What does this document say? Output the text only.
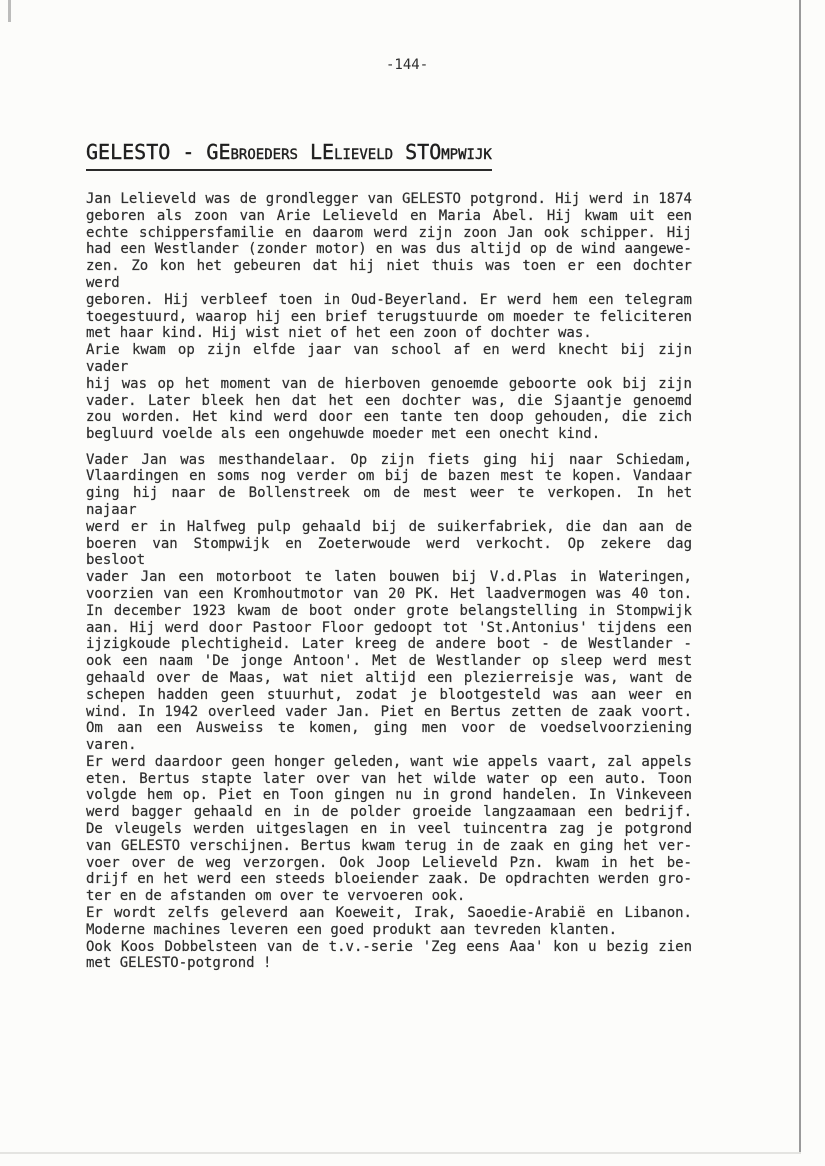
-144-
GELESTO - GEBROEDERS LELIEVELD STOMPWIJK
Jan Lelieveld was de grondlegger van GELESTO potgrond. Hij werd in 1874
geboren als zoon van Arie Lelieveld en Maria Abel. Hij kwam uit een
echte schippersfamilie en daarom werd zijn zoon Jan ook schipper. Hij
had een Westlander (zonder motor) en was dus altijd op de wind aangewe-
zen. Zo kon het gebeuren dat hij niet thuis was toen er een dochter werd
geboren. Hij verbleef toen in Oud-Beyerland. Er werd hem een telegram
toegestuurd, waarop hij een brief terugstuurde om moeder te feliciteren
met haar kind. Hij wist niet of het een zoon of dochter was.
Arie kwam op zijn elfde jaar van school af en werd knecht bij zijn vader
hij was op het moment van de hierboven genoemde geboorte ook bij zijn
vader. Later bleek hen dat het een dochter was, die Sjaantje genoemd
zou worden. Het kind werd door een tante ten doop gehouden, die zich
begluurd voelde als een ongehuwde moeder met een onecht kind.
Vader Jan was mesthandelaar. Op zijn fiets ging hij naar Schiedam,
Vlaardingen en soms nog verder om bij de bazen mest te kopen. Vandaar
ging hij naar de Bollenstreek om de mest weer te verkopen. In het najaar
werd er in Halfweg pulp gehaald bij de suikerfabriek, die dan aan de
boeren van Stompwijk en Zoeterwoude werd verkocht. Op zekere dag besloot
vader Jan een motorboot te laten bouwen bij V.d.Plas in Wateringen,
voorzien van een Kromhoutmotor van 20 PK. Het laadvermogen was 40 ton.
In december 1923 kwam de boot onder grote belangstelling in Stompwijk
aan. Hij werd door Pastoor Floor gedoopt tot 'St.Antonius' tijdens een
ijzigkoude plechtigheid. Later kreeg de andere boot - de Westlander -
ook een naam 'De jonge Antoon'. Met de Westlander op sleep werd mest
gehaald over de Maas, wat niet altijd een plezierreisje was, want de
schepen hadden geen stuurhut, zodat je blootgesteld was aan weer en
wind. In 1942 overleed vader Jan. Piet en Bertus zetten de zaak voort.
Om aan een Ausweiss te komen, ging men voor de voedselvoorziening varen.
Er werd daardoor geen honger geleden, want wie appels vaart, zal appels
eten. Bertus stapte later over van het wilde water op een auto. Toon
volgde hem op. Piet en Toon gingen nu in grond handelen. In Vinkeveen
werd bagger gehaald en in de polder groeide langzaamaan een bedrijf.
De vleugels werden uitgeslagen en in veel tuincentra zag je potgrond
van GELESTO verschijnen. Bertus kwam terug in de zaak en ging het ver-
voer over de weg verzorgen. Ook Joop Lelieveld Pzn. kwam in het be-
drijf en het werd een steeds bloeiender zaak. De opdrachten werden gro-
ter en de afstanden om over te vervoeren ook.
Er wordt zelfs geleverd aan Koeweit, Irak, Saoedie-Arabië en Libanon.
Moderne machines leveren een goed produkt aan tevreden klanten.
Ook Koos Dobbelsteen van de t.v.-serie 'Zeg eens Aaa' kon u bezig zien
met GELESTO-potgrond !
